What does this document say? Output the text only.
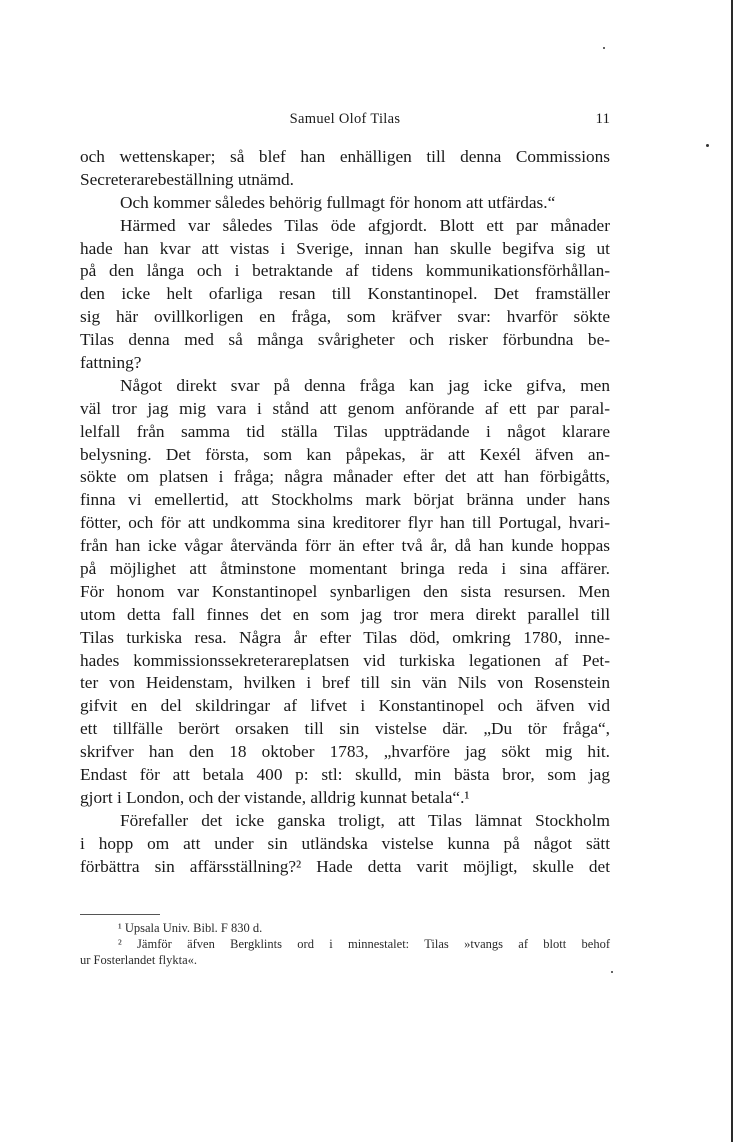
Samuel Olof Tilas	11
och wettenskaper; så blef han enhälligen till denna Commissions
Secreterarebeställning utnämd.
Och kommer således behörig fullmagt för honom att utfärdas.“
Härmed var således Tilas öde afgjordt. Blott ett par månader
hade han kvar att vistas i Sverige, innan han skulle begifva sig ut
på den långa och i betraktande af tidens kommunikationsförhållan-
den icke helt ofarliga resan till Konstantinopel. Det framställer
sig här ovillkorligen en fråga, som kräfver svar: hvarför sökte
Tilas denna med så många svårigheter och risker förbundna be-
fattning?
Något direkt svar på denna fråga kan jag icke gifva, men
väl tror jag mig vara i stånd att genom anförande af ett par paral-
lelfall från samma tid ställa Tilas uppträdande i något klarare
belysning. Det första, som kan påpekas, är att Kexél äfven an-
sökte om platsen i fråga; några månader efter det att han förbigåtts,
finna vi emellertid, att Stockholms mark börjat bränna under hans
fötter, och för att undkomma sina kreditorer flyr han till Portugal, hvari-
från han icke vågar återvända förr än efter två år, då han kunde hoppas
på möjlighet att åtminstone momentant bringa reda i sina affärer.
För honom var Konstantinopel synbarligen den sista resursen. Men
utom detta fall finnes det en som jag tror mera direkt parallel till
Tilas turkiska resa. Några år efter Tilas död, omkring 1780, inne-
hades kommissionssekreterareplatsen vid turkiska legationen af Pet-
ter von Heidenstam, hvilken i bref till sin vän Nils von Rosenstein
gifvit en del skildringar af lifvet i Konstantinopel och äfven vid
ett tillfälle berört orsaken till sin vistelse där. „Du tör fråga“,
skrifver han den 18 oktober 1783, „hvarföre jag sökt mig hit.
Endast för att betala 400 p: stl: skulld, min bästa bror, som jag
gjort i London, och der vistande, alldrig kunnat betala“.¹
Förefaller det icke ganska troligt, att Tilas lämnat Stockholm
i hopp om att under sin utländska vistelse kunna på något sätt
förbättra sin affärsställning?² Hade detta varit möjligt, skulle det
¹ Upsala Univ. Bibl. F 830 d.
² Jämför äfven Bergklints ord i minnestalet: Tilas »tvangs af blott behof
ur Fosterlandet flykta«.
